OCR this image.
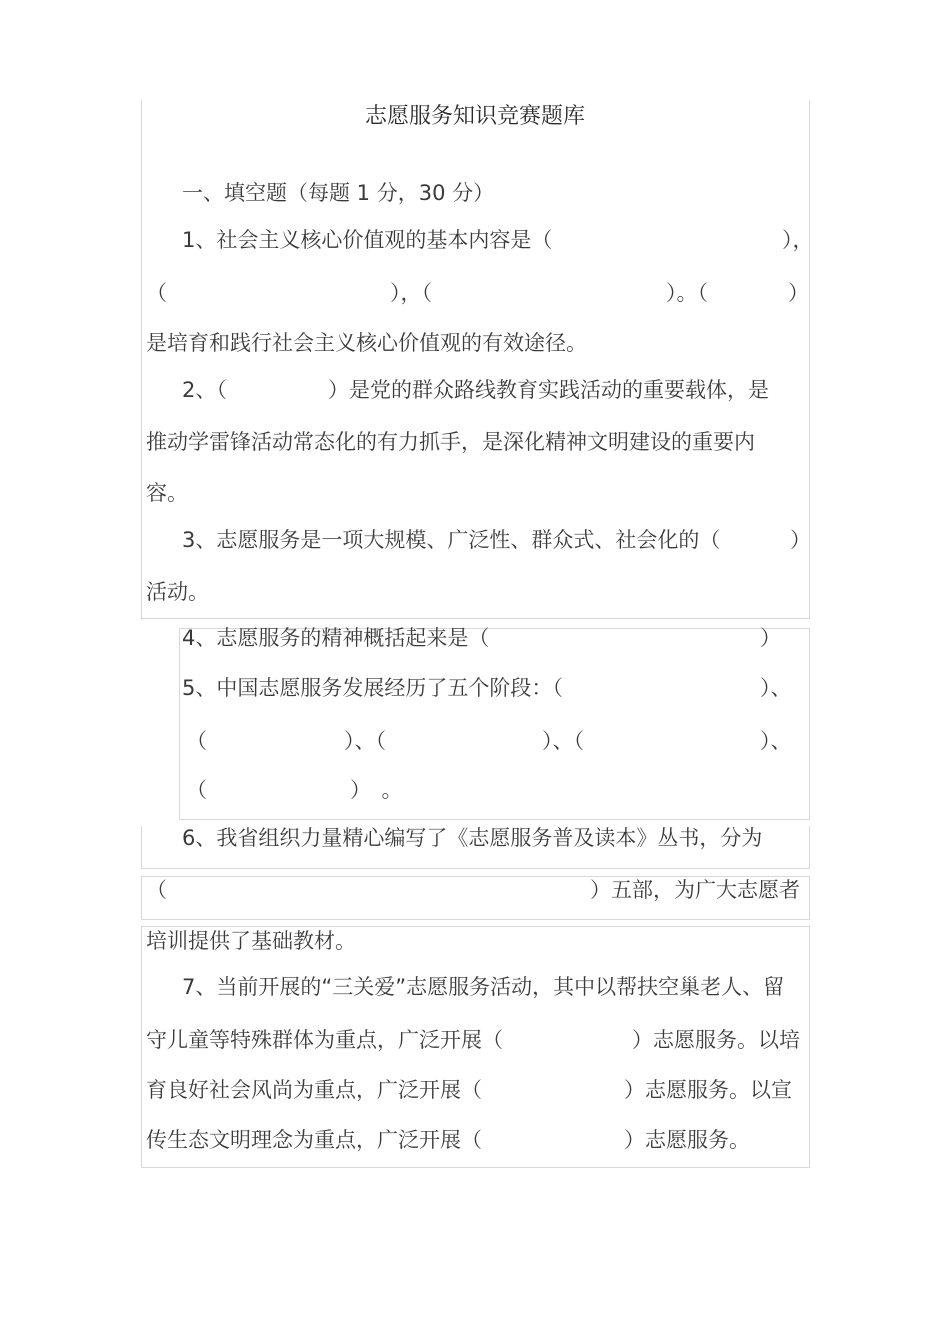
志愿服务知识竞赛题库
一、填空题（每题 1 分，30 分）
1、社会主义核心价值观的基本内容是（	），
（	），（	）。（	）
是培育和践行社会主义核心价值观的有效途径。
2、（	）是党的群众路线教育实践活动的重要载体，是
推动学雷锋活动常态化的有力抓手，是深化精神文明建设的重要内
容。
3、志愿服务是一项大规模、广泛性、群众式、社会化的（	）
活动。
4、志愿服务的精神概括起来是（	）
5、中国志愿服务发展经历了五个阶段：（	）、
（	）、（	）、（	）、
（	）　。
6、我省组织力量精心编写了《志愿服务普及读本》丛书，分为
（	）五部，为广大志愿者
培训提供了基础教材。
7、当前开展的“三关爱”志愿服务活动，其中以帮扶空巢老人、留
守儿童等特殊群体为重点，广泛开展（	）志愿服务。以培
育良好社会风尚为重点，广泛开展（	）志愿服务。以宣
传生态文明理念为重点，广泛开展（	）志愿服务。
